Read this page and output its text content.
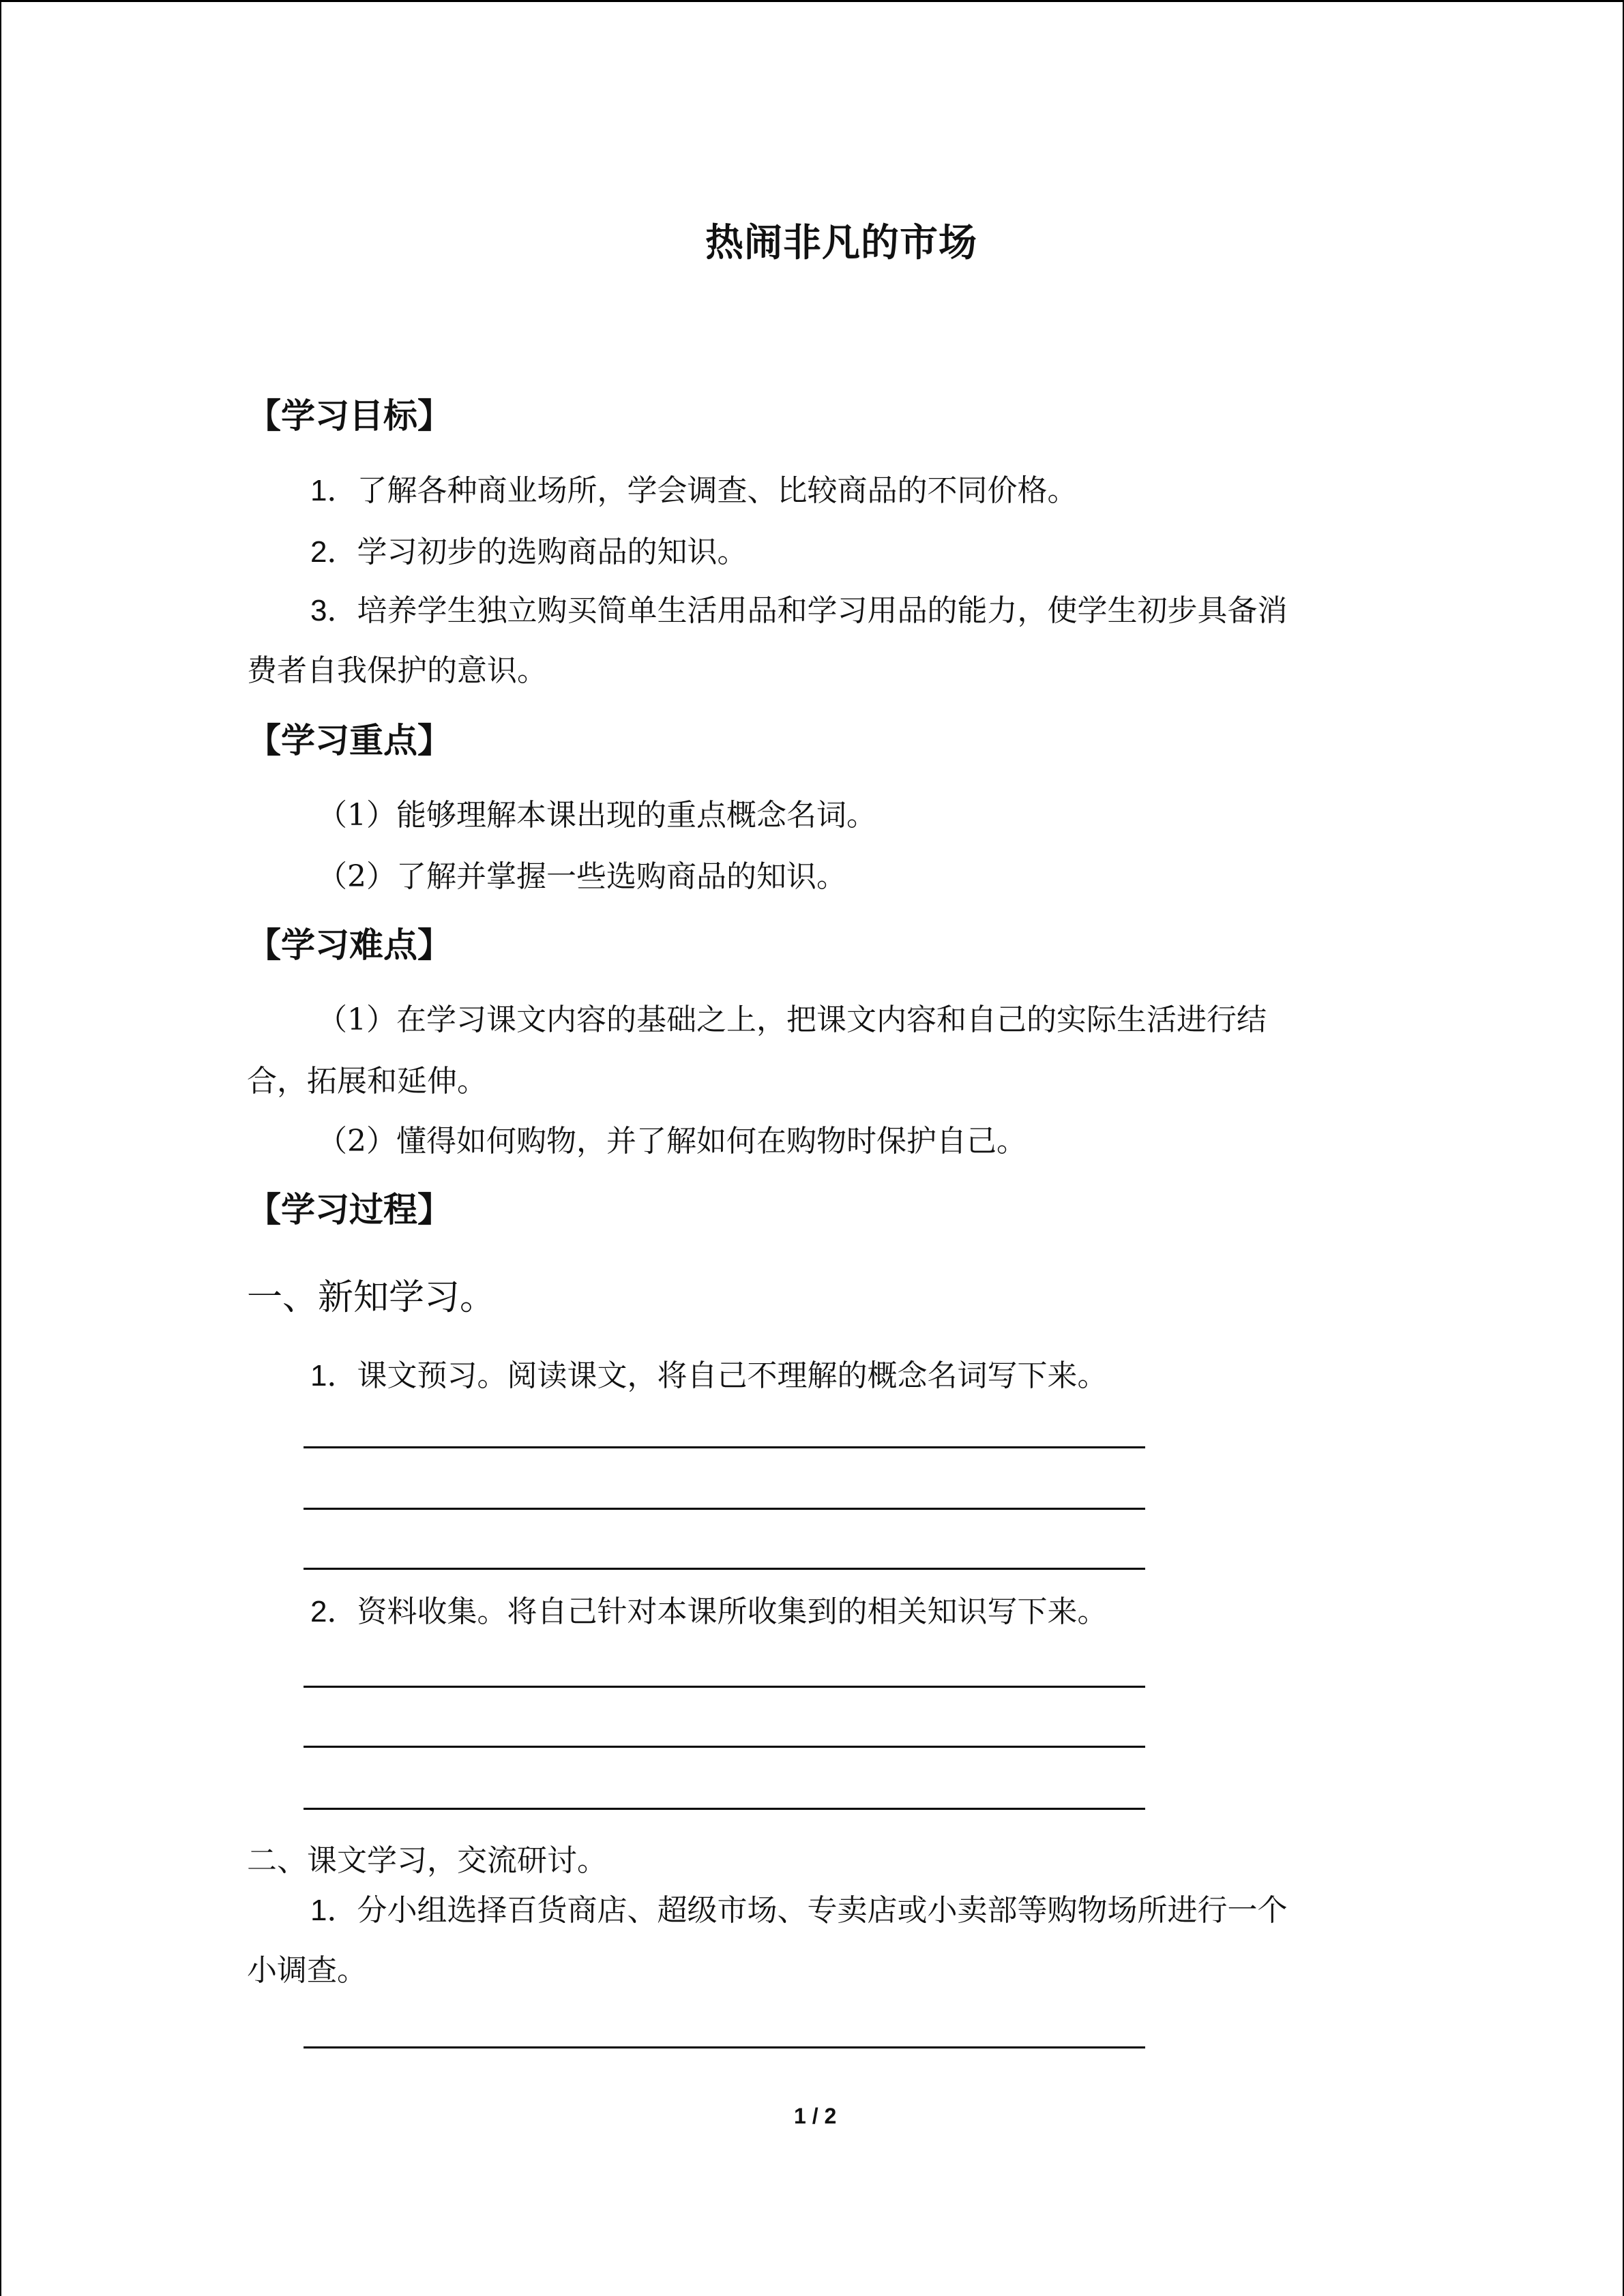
热闹非凡的市场
【学习目标】
1．了解各种商业场所，学会调查、比较商品的不同价格。
2．学习初步的选购商品的知识。
3．培养学生独立购买简单生活用品和学习用品的能力，使学生初步具备消
费者自我保护的意识。
【学习重点】
（1）能够理解本课出现的重点概念名词。
（2）了解并掌握一些选购商品的知识。
【学习难点】
（1）在学习课文内容的基础之上，把课文内容和自己的实际生活进行结
合，拓展和延伸。
（2）懂得如何购物，并了解如何在购物时保护自己。
【学习过程】
一、新知学习。
1．课文预习。阅读课文，将自己不理解的概念名词写下来。
2．资料收集。将自己针对本课所收集到的相关知识写下来。
二、课文学习，交流研讨。
1．分小组选择百货商店、超级市场、专卖店或小卖部等购物场所进行一个
小调查。
1 / 2
